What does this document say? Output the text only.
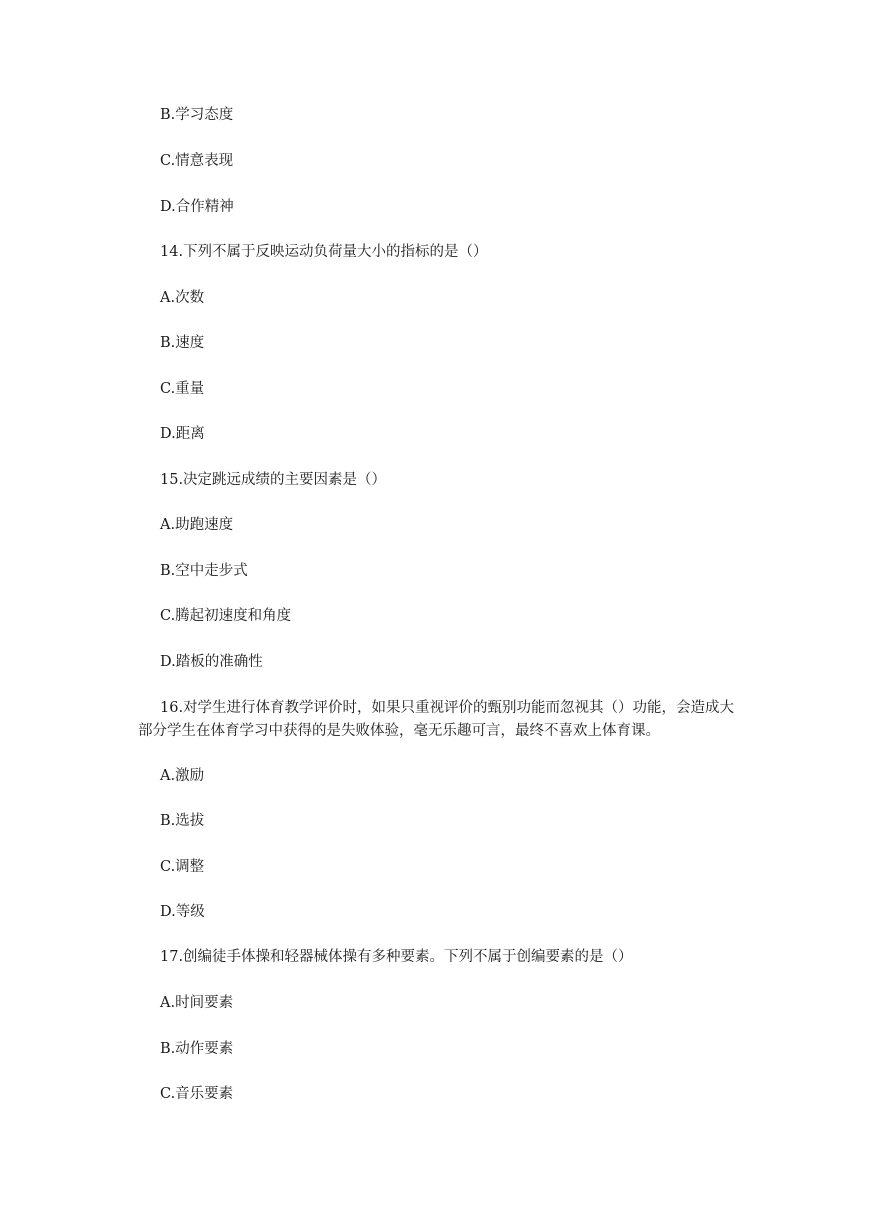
B.学习态度

C.情意表现

D.合作精神

14.下列不属于反映运动负荷量大小的指标的是（）

A.次数

B.速度

C.重量

D.距离

15.决定跳远成绩的主要因素是（）

A.助跑速度

B.空中走步式

C.腾起初速度和角度

D.踏板的准确性

16.对学生进行体育教学评价时，如果只重视评价的甄别功能而忽视其（）功能，会造成大部分学生在体育学习中获得的是失败体验，毫无乐趣可言，最终不喜欢上体育课。

A.激励

B.选拔

C.调整

D.等级

17.创编徒手体操和轻器械体操有多种要素。下列不属于创编要素的是（）

A.时间要素

B.动作要素

C.音乐要素
